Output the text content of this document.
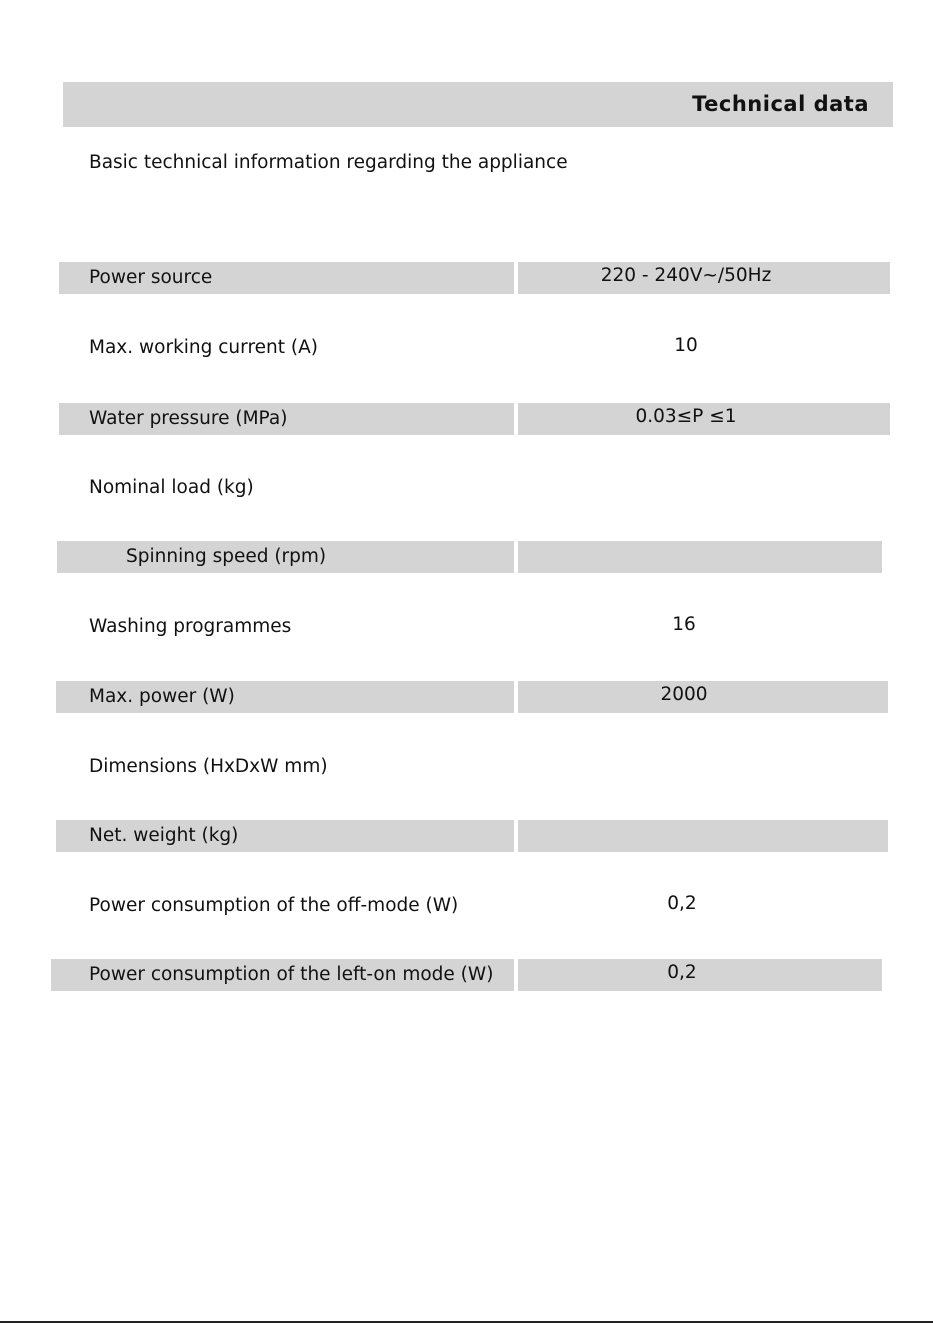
Technical data
Basic technical information regarding the appliance
Power source	220 - 240V~/50Hz
Max. working current (A)	10
Water pressure (MPa)	0.03≤P ≤1
Nominal load (kg)
Spinning speed (rpm)
Washing programmes	16
Max. power (W)	2000
Dimensions (HxDxW mm)
Net. weight (kg)
Power consumption of the off-mode (W)	0,2
Power consumption of the left-on mode (W)	0,2
